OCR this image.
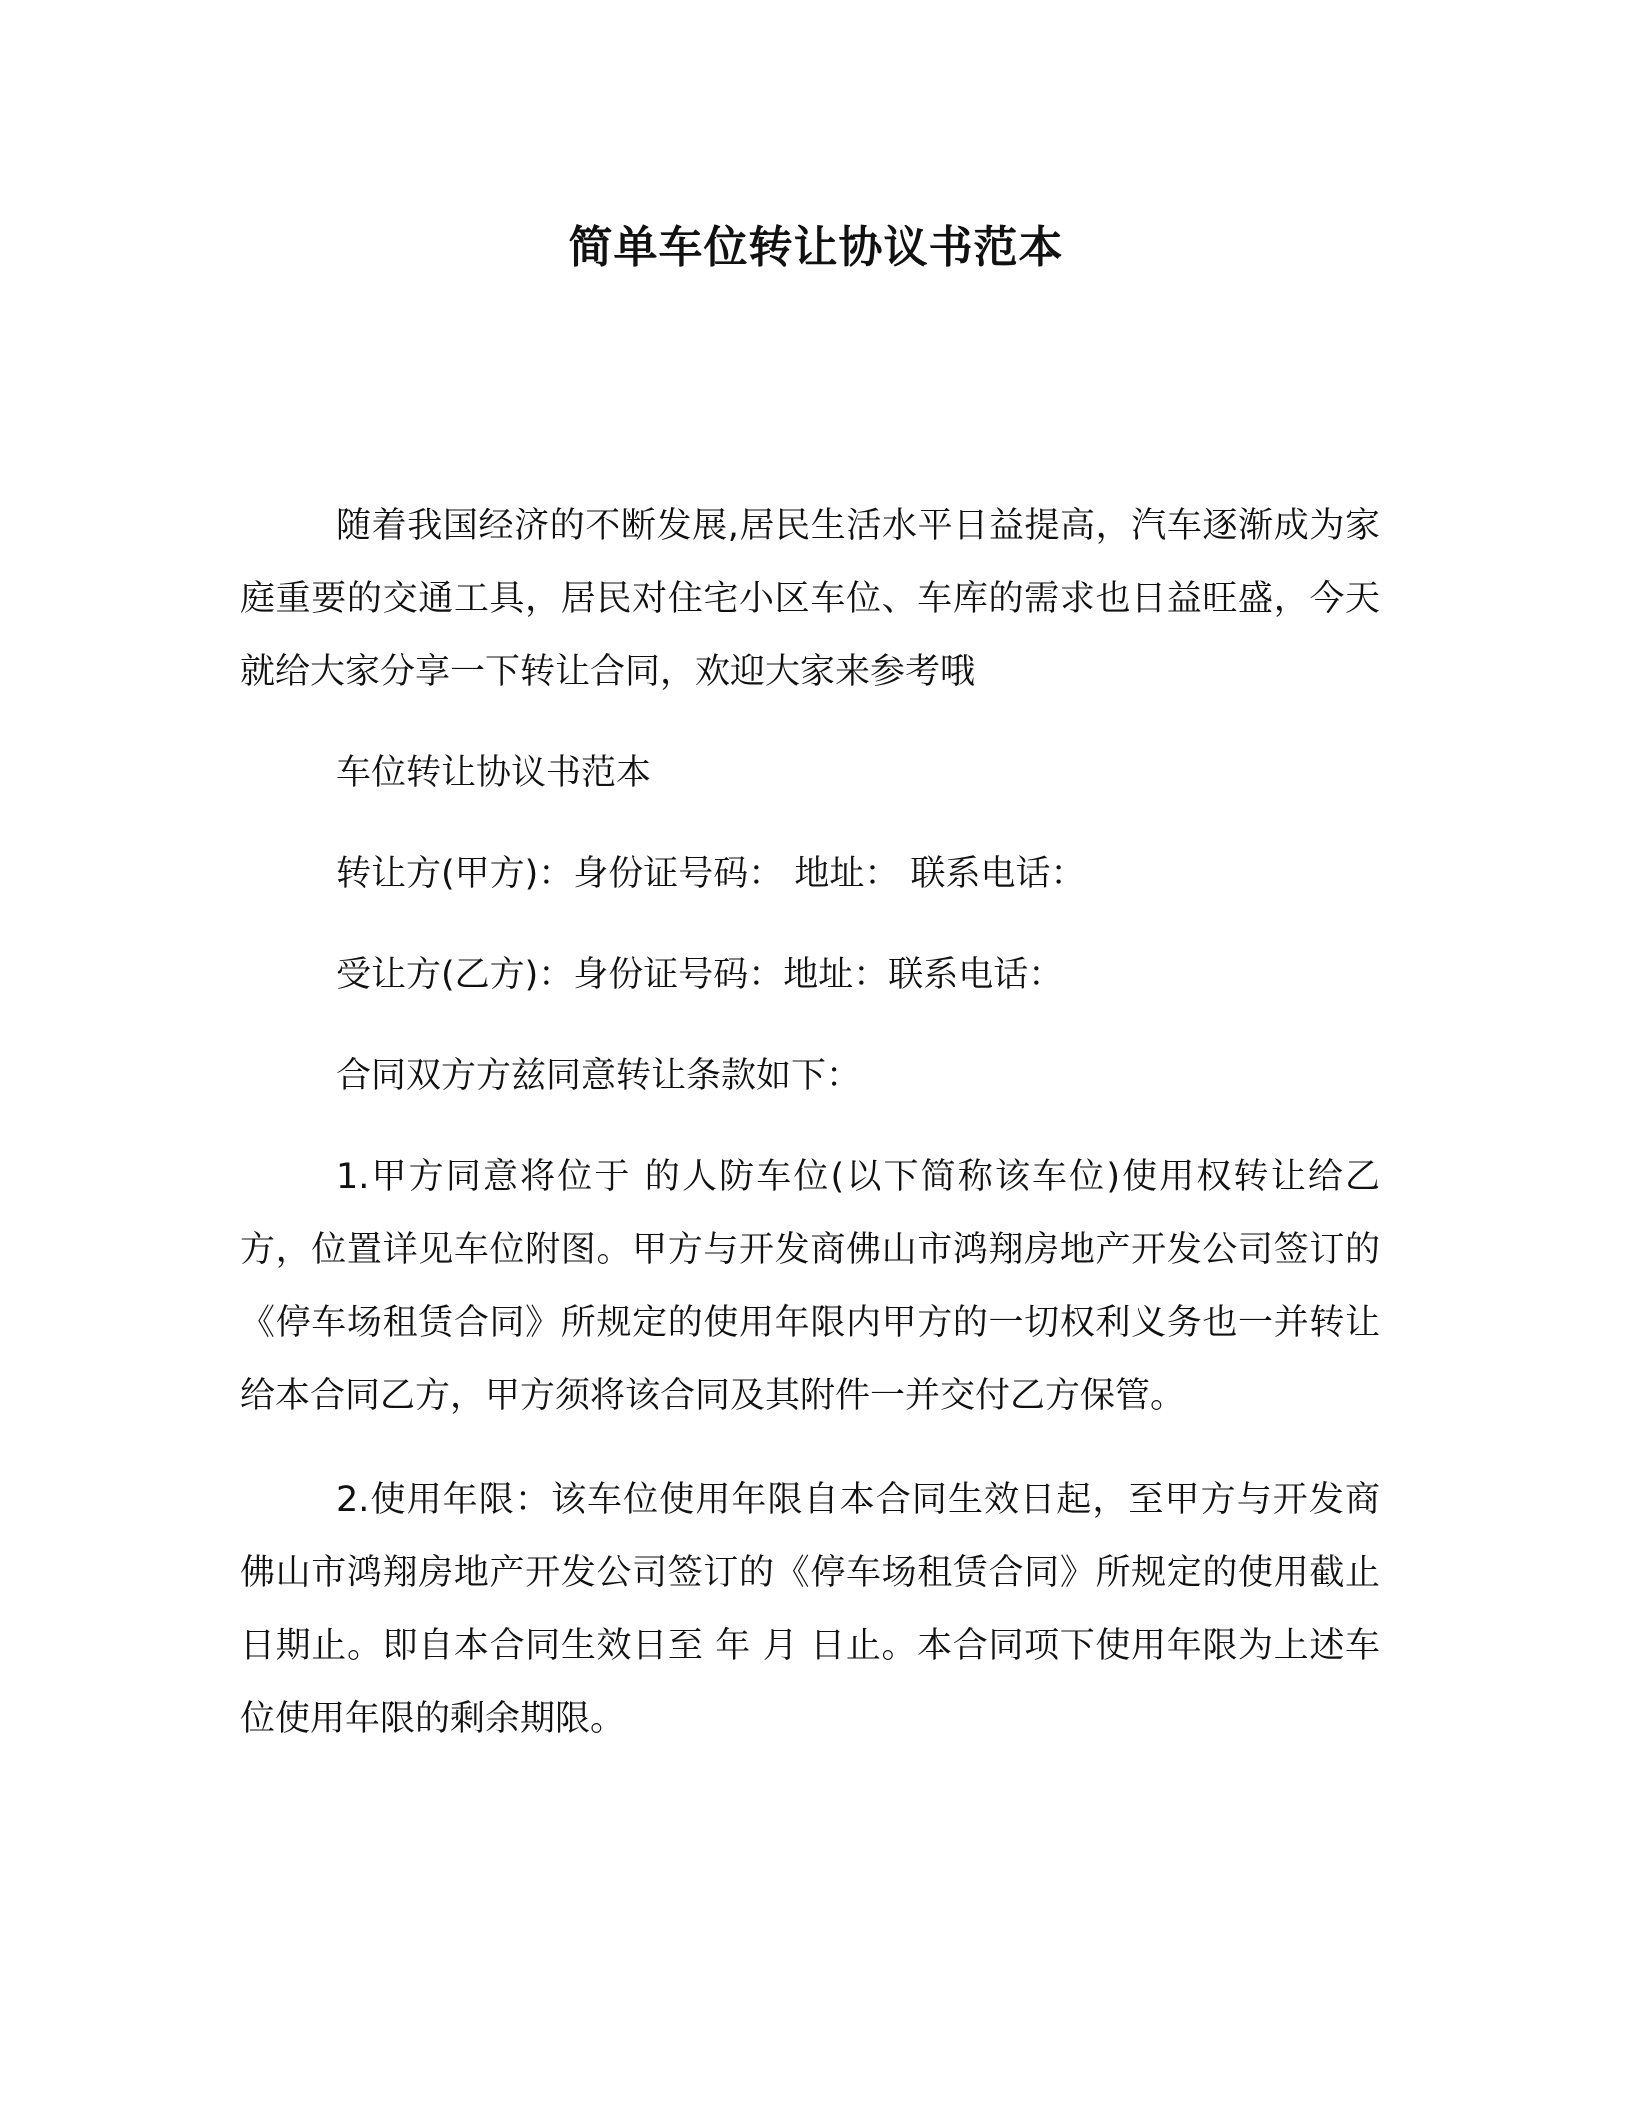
简单车位转让协议书范本

随着我国经济的不断发展,居民生活水平日益提高，汽车逐渐成为家庭重要的交通工具，居民对住宅小区车位、车库的需求也日益旺盛，今天就给大家分享一下转让合同，欢迎大家来参考哦

车位转让协议书范本

转让方(甲方)：身份证号码： 地址： 联系电话：

受让方(乙方)：身份证号码：地址：联系电话：

合同双方方兹同意转让条款如下：

1.甲方同意将位于 的人防车位(以下简称该车位)使用权转让给乙方，位置详见车位附图。甲方与开发商佛山市鸿翔房地产开发公司签订的《停车场租赁合同》所规定的使用年限内甲方的一切权利义务也一并转让给本合同乙方，甲方须将该合同及其附件一并交付乙方保管。

2.使用年限：该车位使用年限自本合同生效日起，至甲方与开发商佛山市鸿翔房地产开发公司签订的《停车场租赁合同》所规定的使用截止日期止。即自本合同生效日至 年 月 日止。本合同项下使用年限为上述车位使用年限的剩余期限。
